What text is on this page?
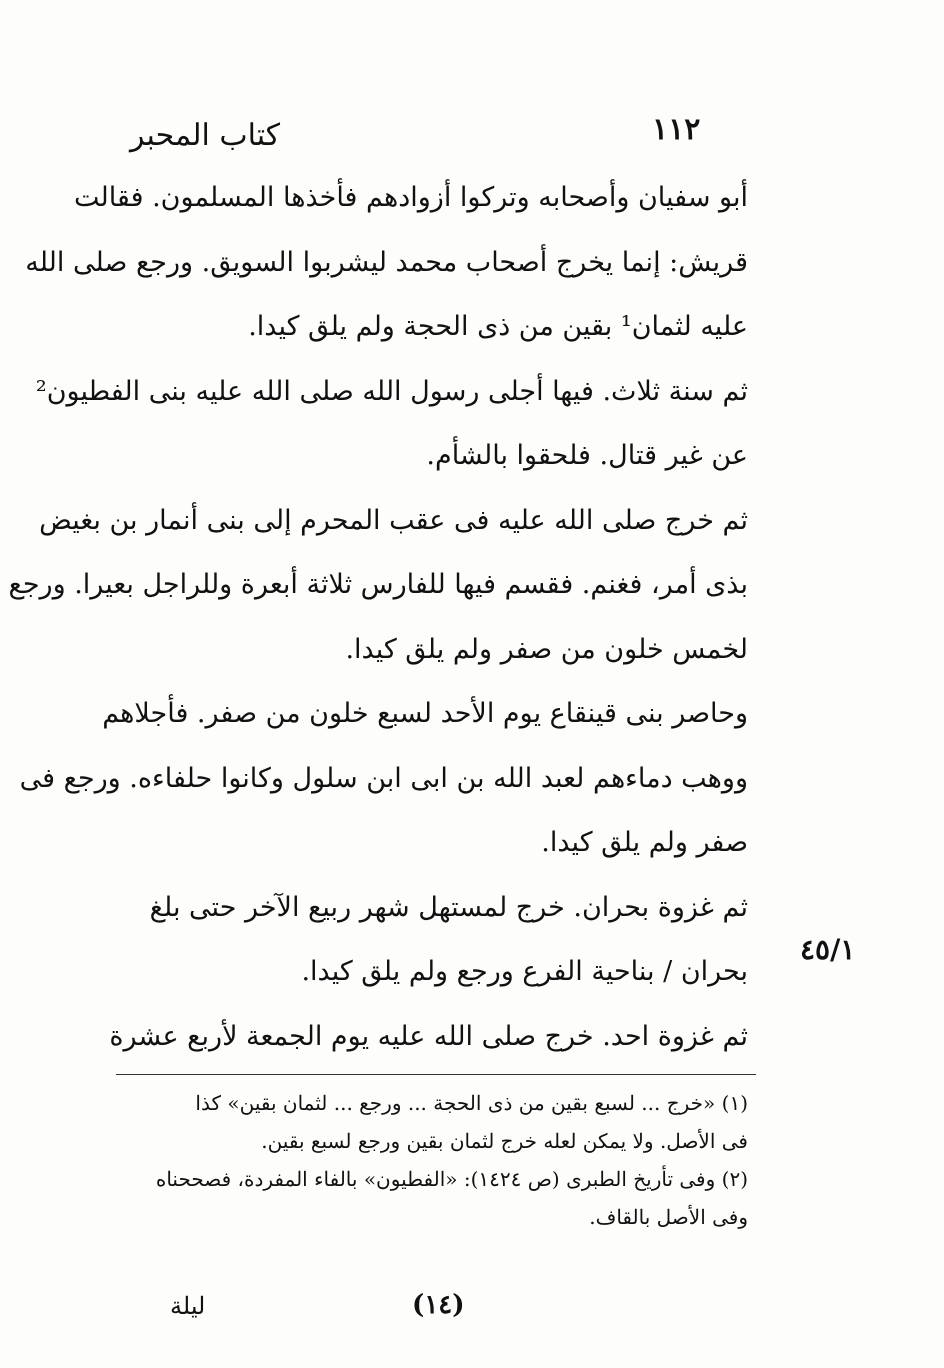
١١٢
كتاب المحبر
أبو سفيان وأصحابه وتركوا أزوادهم فأخذها المسلمون. فقالت
قريش: إنما يخرج أصحاب محمد ليشربوا السويق. ورجع صلى الله
عليه لثمان¹ بقين من ذى الحجة ولم يلق كيدا.
ثم سنة ثلاث. فيها أجلى رسول الله صلى الله عليه بنى الفطيون²
عن غير قتال. فلحقوا بالشأم.
ثم خرج صلى الله عليه فى عقب المحرم إلى بنى أنمار بن بغيض
بذى أمر، فغنم. فقسم فيها للفارس ثلاثة أبعرة وللراجل بعيرا. ورجع
لخمس خلون من صفر ولم يلق كيدا.
وحاصر بنى قينقاع يوم الأحد لسبع خلون من صفر. فأجلاهم
ووهب دماءهم لعبد الله بن ابى ابن سلول وكانوا حلفاءه. ورجع فى
صفر ولم يلق كيدا.
ثم غزوة بحران. خرج لمستهل شهر ربيع الآخر حتى بلغ
بحران / بناحية الفرع ورجع ولم يلق كيدا.
ثم غزوة احد. خرج صلى الله عليه يوم الجمعة لأربع عشرة
٤٥/١
(١) «خرج ... لسبع بقين من ذى الحجة ... ورجع ... لثمان بقين» كذا
فى الأصل. ولا يمكن لعله خرج لثمان بقين ورجع لسبع بقين.
(٢) وفى تأريخ الطبرى (ص ١٤٢٤): «الفطيون» بالفاء المفردة، فصححناه
وفى الأصل بالقاف.
(١٤)
ليلة
